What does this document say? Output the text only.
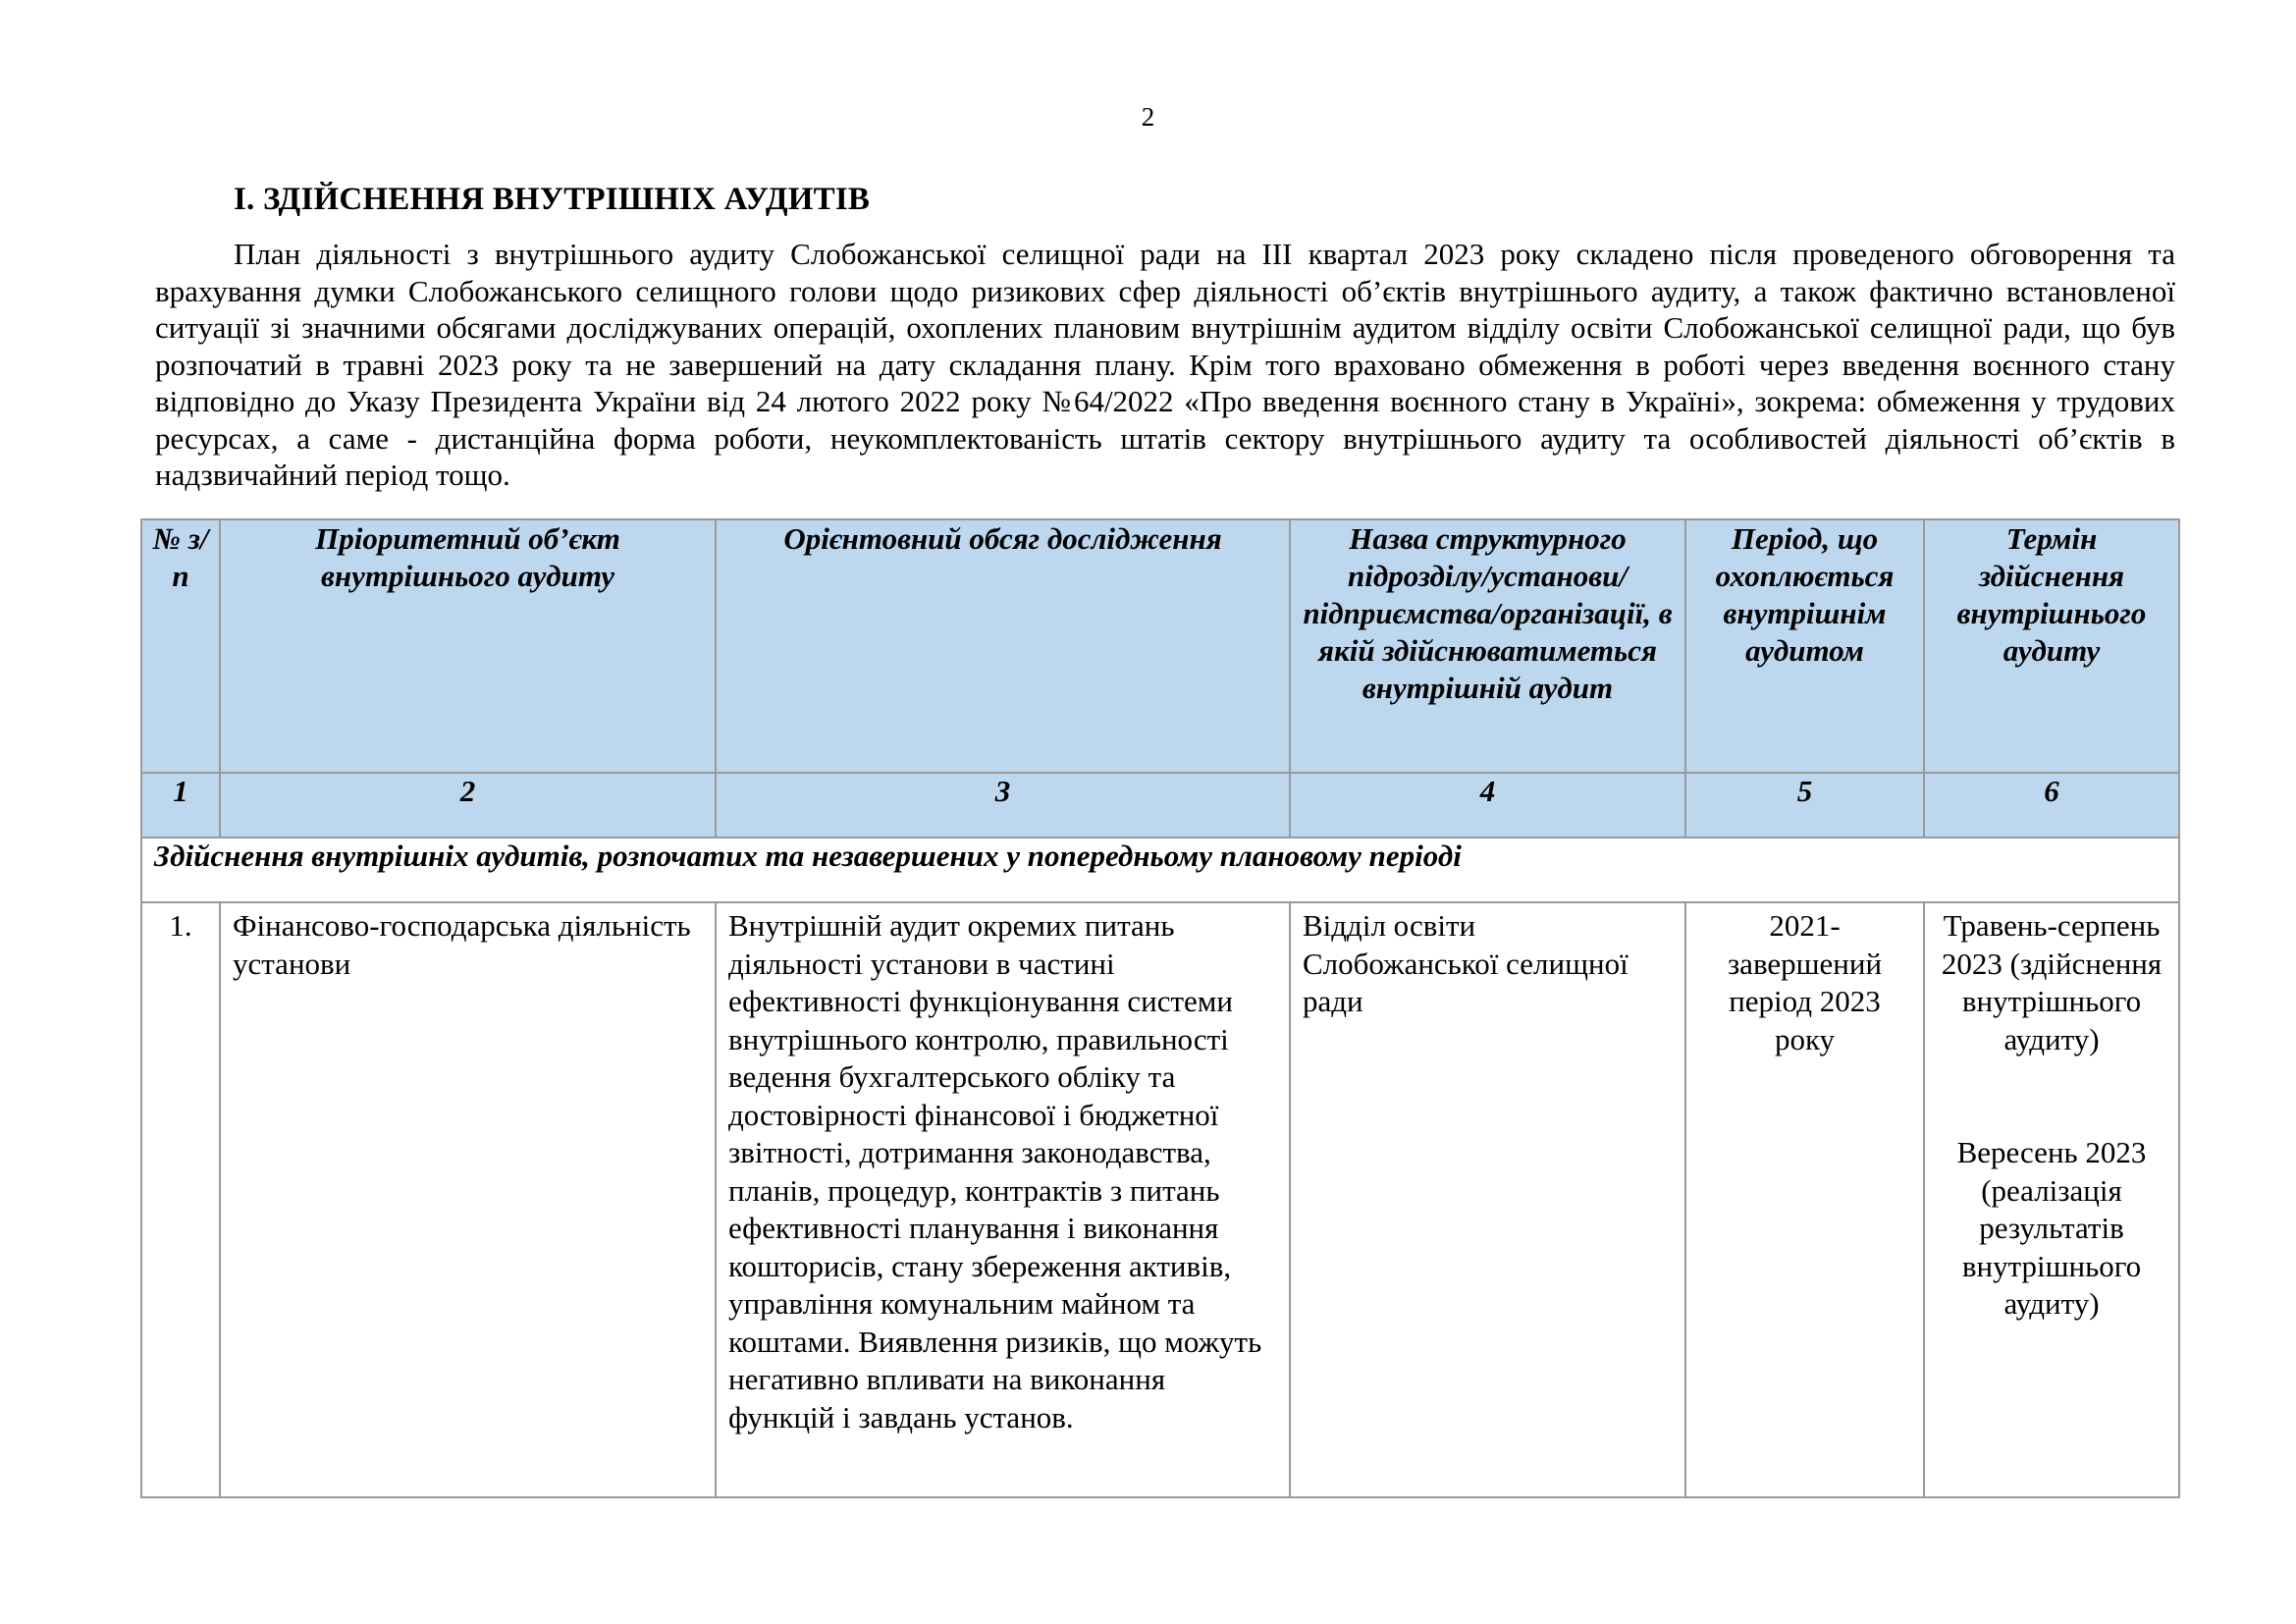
2
І. ЗДІЙСНЕННЯ ВНУТРІШНІХ АУДИТІВ

План діяльності з внутрішнього аудиту Слобожанської селищної ради на ІІІ квартал 2023 року складено після проведеного обговорення та врахування думки Слобожанського селищного голови щодо ризикових сфер діяльності об’єктів внутрішнього аудиту, а також фактично встановленої ситуації зі значними обсягами досліджуваних операцій, охоплених плановим внутрішнім аудитом відділу освіти Слобожанської селищної ради, що був розпочатий в травні 2023 року та не завершений на дату складання плану. Крім того враховано обмеження в роботі через введення воєнного стану відповідно до Указу Президента України від 24 лютого 2022 року №64/2022 «Про введення воєнного стану в Україні», зокрема: обмеження у трудових ресурсах, а саме - дистанційна форма роботи, неукомплектованість штатів сектору внутрішнього аудиту та особливостей діяльності об’єктів в надзвичайний період тощо.

№ з/п	Пріоритетний об’єкт внутрішнього аудиту	Орієнтовний обсяг дослідження	Назва структурного підрозділу/установи/ підприємства/організації, в якій здійснюватиметься внутрішній аудит	Період, що охоплюється внутрішнім аудитом	Термін здійснення внутрішнього аудиту
1	2	3	4	5	6
Здійснення внутрішніх аудитів, розпочатих та незавершених у попередньому плановому періоді					
1.	Фінансово-господарська діяльність установи	Внутрішній аудит окремих питань діяльності установи в частині ефективності функціонування системи внутрішнього контролю, правильності ведення бухгалтерського обліку та достовірності фінансової і бюджетної звітності, дотримання законодавства, планів, процедур, контрактів з питань ефективності планування і виконання кошторисів, стану збереження активів, управління комунальним майном та коштами. Виявлення ризиків, що можуть негативно впливати на виконання функцій і завдань установ.	Відділ освіти Слобожанської селищної ради	2021-завершений період 2023 року	Травень-серпень 2023 (здійснення внутрішнього аудиту)
Вересень 2023 (реалізація результатів внутрішнього аудиту)
